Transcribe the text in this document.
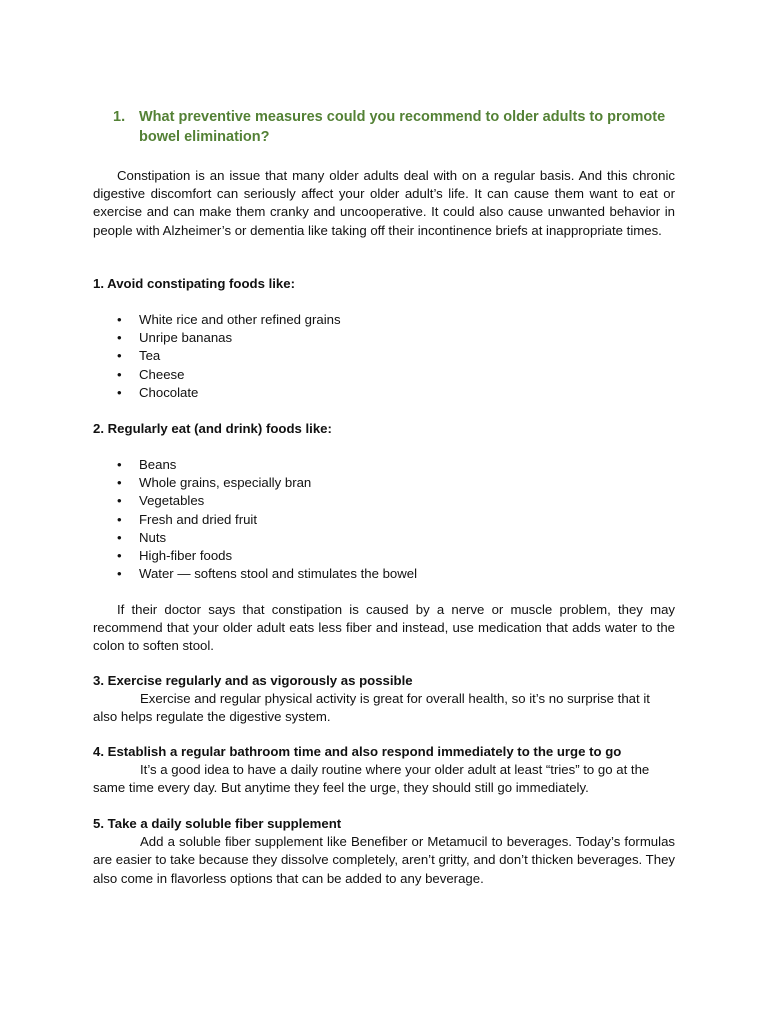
1. What preventive measures could you recommend to older adults to promote bowel elimination?

Constipation is an issue that many older adults deal with on a regular basis. And this chronic digestive discomfort can seriously affect your older adult’s life. It can cause them want to eat or exercise and can make them cranky and uncooperative. It could also cause unwanted behavior in people with Alzheimer’s or dementia like taking off their incontinence briefs at inappropriate times.

1. Avoid constipating foods like:

• White rice and other refined grains
• Unripe bananas
• Tea
• Cheese
• Chocolate

2. Regularly eat (and drink) foods like:

• Beans
• Whole grains, especially bran
• Vegetables
• Fresh and dried fruit
• Nuts
• High-fiber foods
• Water — softens stool and stimulates the bowel

If their doctor says that constipation is caused by a nerve or muscle problem, they may recommend that your older adult eats less fiber and instead, use medication that adds water to the colon to soften stool.

3. Exercise regularly and as vigorously as possible

Exercise and regular physical activity is great for overall health, so it’s no surprise that it also helps regulate the digestive system.

4. Establish a regular bathroom time and also respond immediately to the urge to go

It’s a good idea to have a daily routine where your older adult at least “tries” to go at the same time every day. But anytime they feel the urge, they should still go immediately.

5. Take a daily soluble fiber supplement

Add a soluble fiber supplement like Benefiber or Metamucil to beverages. Today’s formulas are easier to take because they dissolve completely, aren’t gritty, and don’t thicken beverages. They also come in flavorless options that can be added to any beverage.
